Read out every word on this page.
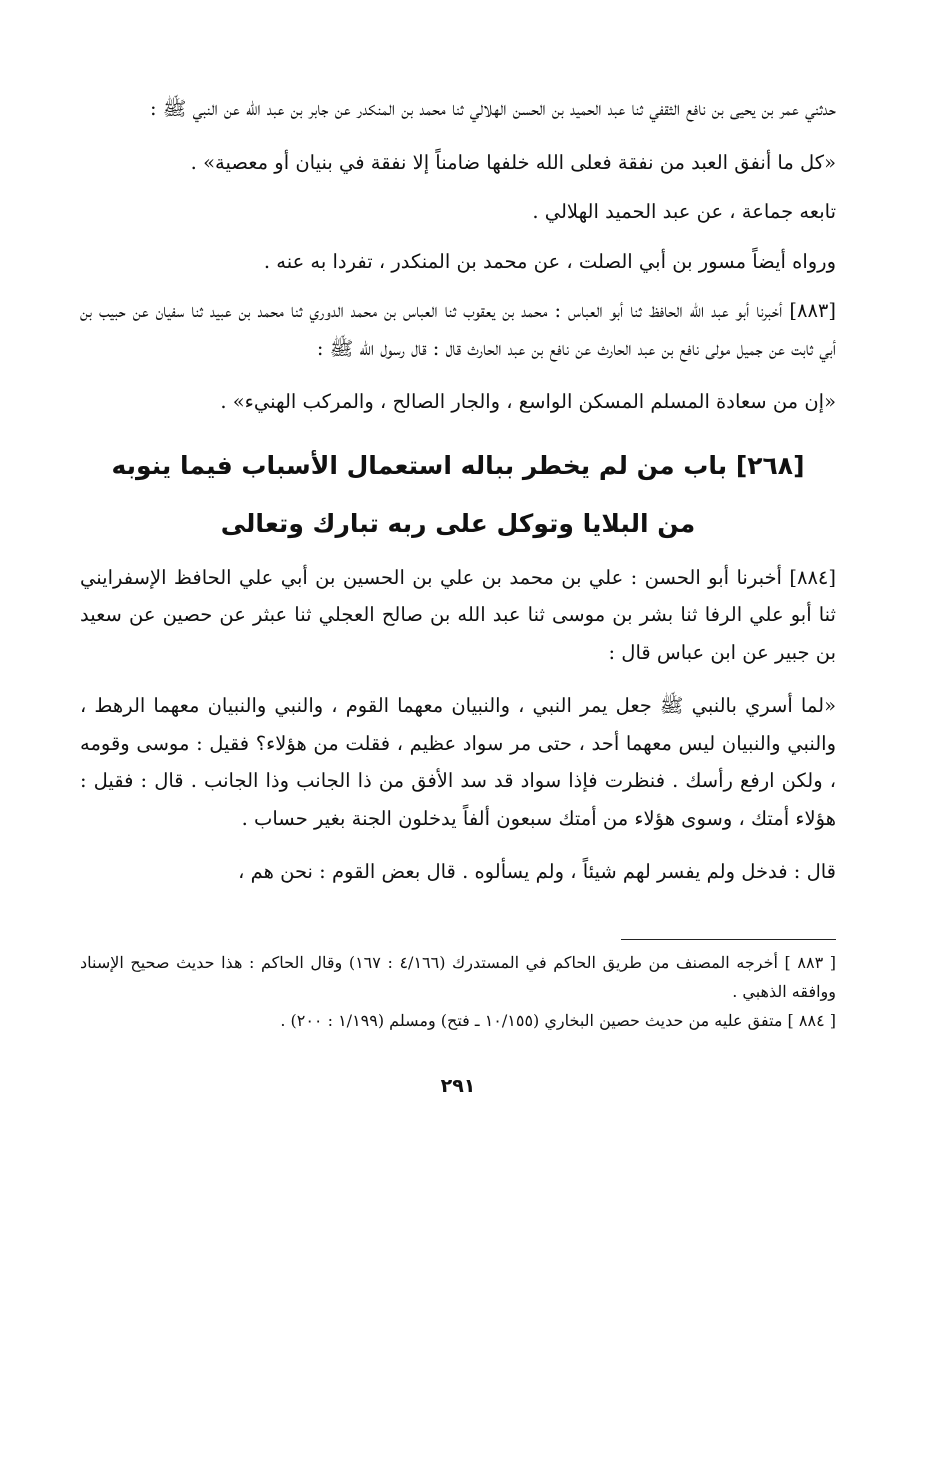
حدثني عمر بن يحيى بن نافع الثقفي ثنا عبد الحميد بن الحسن الهلالي ثنا محمد بن المنكدر عن جابر بن عبد الله عن النبي ﷺ :

«كل ما أنفق العبد من نفقة فعلى الله خلفها ضامناً إلا نفقة في بنيان أو معصية» .

تابعه جماعة ، عن عبد الحميد الهلالي .

ورواه أيضاً مسور بن أبي الصلت ، عن محمد بن المنكدر ، تفردا به عنه .

[٨٨٣] أخبرنا أبو عبد الله الحافظ ثنا أبو العباس : محمد بن يعقوب ثنا العباس بن محمد الدوري ثنا محمد بن عبيد ثنا سفيان عن حبيب بن أبي ثابت عن جميل مولى نافع بن عبد الحارث عن نافع بن عبد الحارث قال : قال رسول الله ﷺ :

«إن من سعادة المسلم المسكن الواسع ، والجار الصالح ، والمركب الهنيء» .

[٢٦٨] باب من لم يخطر بباله استعمال الأسباب فيما ينوبه
من البلايا وتوكل على ربه تبارك وتعالى

[٨٨٤] أخبرنا أبو الحسن : علي بن محمد بن علي بن الحسين بن أبي علي الحافظ الإسفرايني ثنا أبو علي الرفا ثنا بشر بن موسى ثنا عبد الله بن صالح العجلي ثنا عبثر عن حصين عن سعيد بن جبير عن ابن عباس قال :

«لما أسري بالنبي ﷺ جعل يمر النبي ، والنبيان معهما القوم ، والنبي والنبيان معهما الرهط ، والنبي والنبيان ليس معهما أحد ، حتى مر سواد عظيم ، فقلت من هؤلاء؟ فقيل : موسى وقومه ، ولكن ارفع رأسك . فنظرت فإذا سواد قد سد الأفق من ذا الجانب وذا الجانب . قال : فقيل : هؤلاء أمتك ، وسوى هؤلاء من أمتك سبعون ألفاً يدخلون الجنة بغير حساب .

قال : فدخل ولم يفسر لهم شيئاً ، ولم يسألوه . قال بعض القوم : نحن هم ،

[ ٨٨٣ ] أخرجه المصنف من طريق الحاكم في المستدرك (٤/١٦٦ : ١٦٧) وقال الحاكم : هذا حديث صحيح الإسناد ووافقه الذهبي .

[ ٨٨٤ ] متفق عليه من حديث حصين البخاري (١٠/١٥٥ ـ فتح) ومسلم (١/١٩٩ : ٢٠٠) .

٢٩١
